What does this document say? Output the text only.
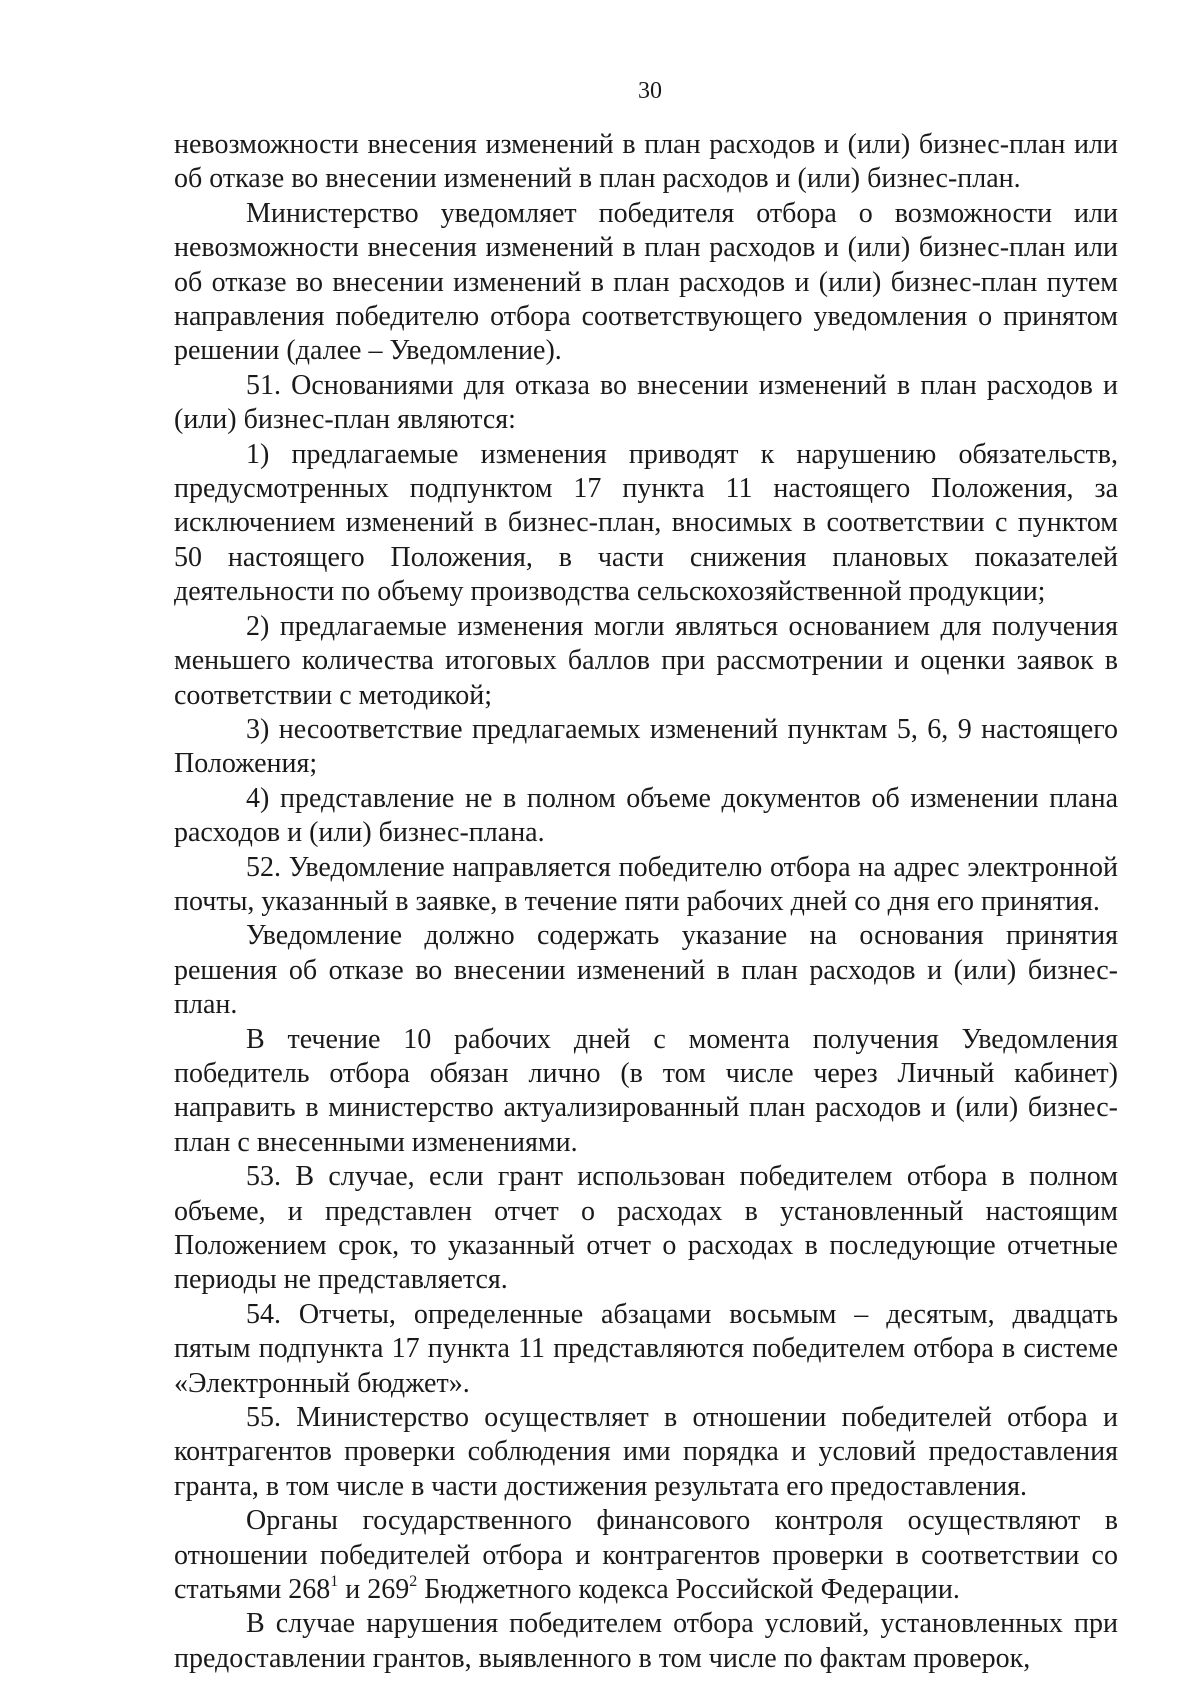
30

невозможности внесения изменений в план расходов и (или) бизнес-план или об отказе во внесении изменений в план расходов и (или) бизнес-план.

Министерство уведомляет победителя отбора о возможности или невозможности внесения изменений в план расходов и (или) бизнес-план или об отказе во внесении изменений в план расходов и (или) бизнес-план путем направления победителю отбора соответствующего уведомления о принятом решении (далее – Уведомление).

51. Основаниями для отказа во внесении изменений в план расходов и (или) бизнес-план являются:

1) предлагаемые изменения приводят к нарушению обязательств, предусмотренных подпунктом 17 пункта 11 настоящего Положения, за исключением изменений в бизнес-план, вносимых в соответствии с пунктом 50 настоящего Положения, в части снижения плановых показателей деятельности по объему производства сельскохозяйственной продукции;

2) предлагаемые изменения могли являться основанием для получения меньшего количества итоговых баллов при рассмотрении и оценки заявок в соответствии с методикой;

3) несоответствие предлагаемых изменений пунктам 5, 6, 9 настоящего Положения;

4) представление не в полном объеме документов об изменении плана расходов и (или) бизнес-плана.

52. Уведомление направляется победителю отбора на адрес электронной почты, указанный в заявке, в течение пяти рабочих дней со дня его принятия.

Уведомление должно содержать указание на основания принятия решения об отказе во внесении изменений в план расходов и (или) бизнес-план.

В течение 10 рабочих дней с момента получения Уведомления победитель отбора обязан лично (в том числе через Личный кабинет) направить в министерство актуализированный план расходов и (или) бизнес-план с внесенными изменениями.

53. В случае, если грант использован победителем отбора в полном объеме, и представлен отчет о расходах в установленный настоящим Положением срок, то указанный отчет о расходах в последующие отчетные периоды не представляется.

54. Отчеты, определенные абзацами восьмым – десятым, двадцать пятым подпункта 17 пункта 11 представляются победителем отбора в системе «Электронный бюджет».

55. Министерство осуществляет в отношении победителей отбора и контрагентов проверки соблюдения ими порядка и условий предоставления гранта, в том числе в части достижения результата его предоставления.

Органы государственного финансового контроля осуществляют в отношении победителей отбора и контрагентов проверки в соответствии со статьями $268^1$ и $269^2$ Бюджетного кодекса Российской Федерации.

В случае нарушения победителем отбора условий, установленных при предоставлении грантов, выявленного в том числе по фактам проверок,
